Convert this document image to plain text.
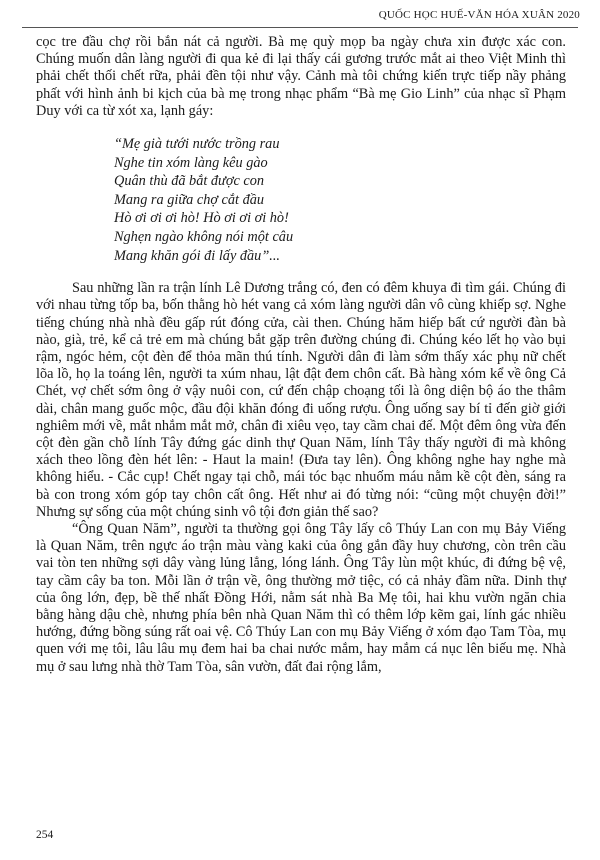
QUỐC HỌC HUẾ-VĂN HÓA XUÂN 2020

cọc tre đầu chợ rồi bắn nát cả người. Bà mẹ quỳ mọp ba ngày chưa xin được xác con. Chúng muốn dân làng người đi qua kẻ đi lại thấy cái gương trước mắt ai theo Việt Minh thì phải chết thối chết rữa, phải đền tội như vậy. Cảnh mà tôi chứng kiến trực tiếp nầy phảng phất với hình ảnh bi kịch của bà mẹ trong nhạc phẩm “Bà mẹ Gio Linh” của nhạc sĩ Phạm Duy với ca từ xót xa, lạnh gáy:

“Mẹ già tưới nước trồng rau
Nghe tin xóm làng kêu gào
Quân thù đã bắt được con
Mang ra giữa chợ cắt đầu
Hò ơi ơi ơi hò! Hò ơi ơi ơi hò!
Nghẹn ngào không nói một câu
Mang khăn gói đi lấy đầu”...

Sau những lần ra trận lính Lê Dương trắng có, đen có đêm khuya đi tìm gái. Chúng đi với nhau từng tốp ba, bốn thằng hò hét vang cả xóm làng người dân vô cùng khiếp sợ. Nghe tiếng chúng nhà nhà đều gấp rút đóng cửa, cài then. Chúng hăm hiếp bất cứ người đàn bà nào, già, trẻ, kể cả trẻ em mà chúng bắt gặp trên đường chúng đi. Chúng kéo lết họ vào bụi rậm, ngóc hẻm, cột đèn để thỏa mãn thú tính. Người dân đi làm sớm thấy xác phụ nữ chết lõa lồ, họ la toáng lên, người ta xúm nhau, lật đật đem chôn cất. Bà hàng xóm kể về ông Cả Chét, vợ chết sớm ông ở vậy nuôi con, cứ đến chập choạng tối là ông diện bộ áo the thâm dài, chân mang guốc mộc, đầu đội khăn đóng đi uống rượu. Ông uống say bí tỉ đến giờ giới nghiêm mới về, mắt nhắm mắt mở, chân đi xiêu vẹo, tay cầm chai đế. Một đêm ông vừa đến cột đèn gần chỗ lính Tây đứng gác dinh thự Quan Năm, lính Tây thấy người đi mà không xách theo lồng đèn hét lên: - Haut la main! (Đưa tay lên). Ông không nghe hay nghe mà không hiểu. - Cắc cụp! Chết ngay tại chỗ, mái tóc bạc nhuốm máu nằm kề cột đèn, sáng ra bà con trong xóm góp tay chôn cất ông. Hết như ai đó từng nói: “cũng một chuyện đời!” Nhưng sự sống của một chúng sinh vô tội đơn giản thế sao?

“Ông Quan Năm”, người ta thường gọi ông Tây lấy cô Thúy Lan con mụ Bảy Viếng là Quan Năm, trên ngực áo trận màu vàng kaki của ông gắn đầy huy chương, còn trên cầu vai tòn ten những sợi dây vàng lủng lẳng, lóng lánh. Ông Tây lùn một khúc, đi đứng bệ vệ, tay cầm cây ba ton. Mỗi lần ở trận về, ông thường mở tiệc, có cả nhảy đầm nữa. Dinh thự của ông lớn, đẹp, bề thế nhất Đồng Hới, nằm sát nhà Ba Mẹ tôi, hai khu vườn ngăn chia bằng hàng dậu chè, nhưng phía bên nhà Quan Năm thì có thêm lớp kẽm gai, lính gác nhiều hướng, đứng bồng súng rất oai vệ. Cô Thúy Lan con mụ Bảy Viếng ở xóm đạo Tam Tòa, mụ quen với mẹ tôi, lâu lâu mụ đem hai ba chai nước mắm, hay mắm cá nục lên biếu mẹ. Nhà mụ ở sau lưng nhà thờ Tam Tòa, sân vườn, đất đai rộng lắm,

254
